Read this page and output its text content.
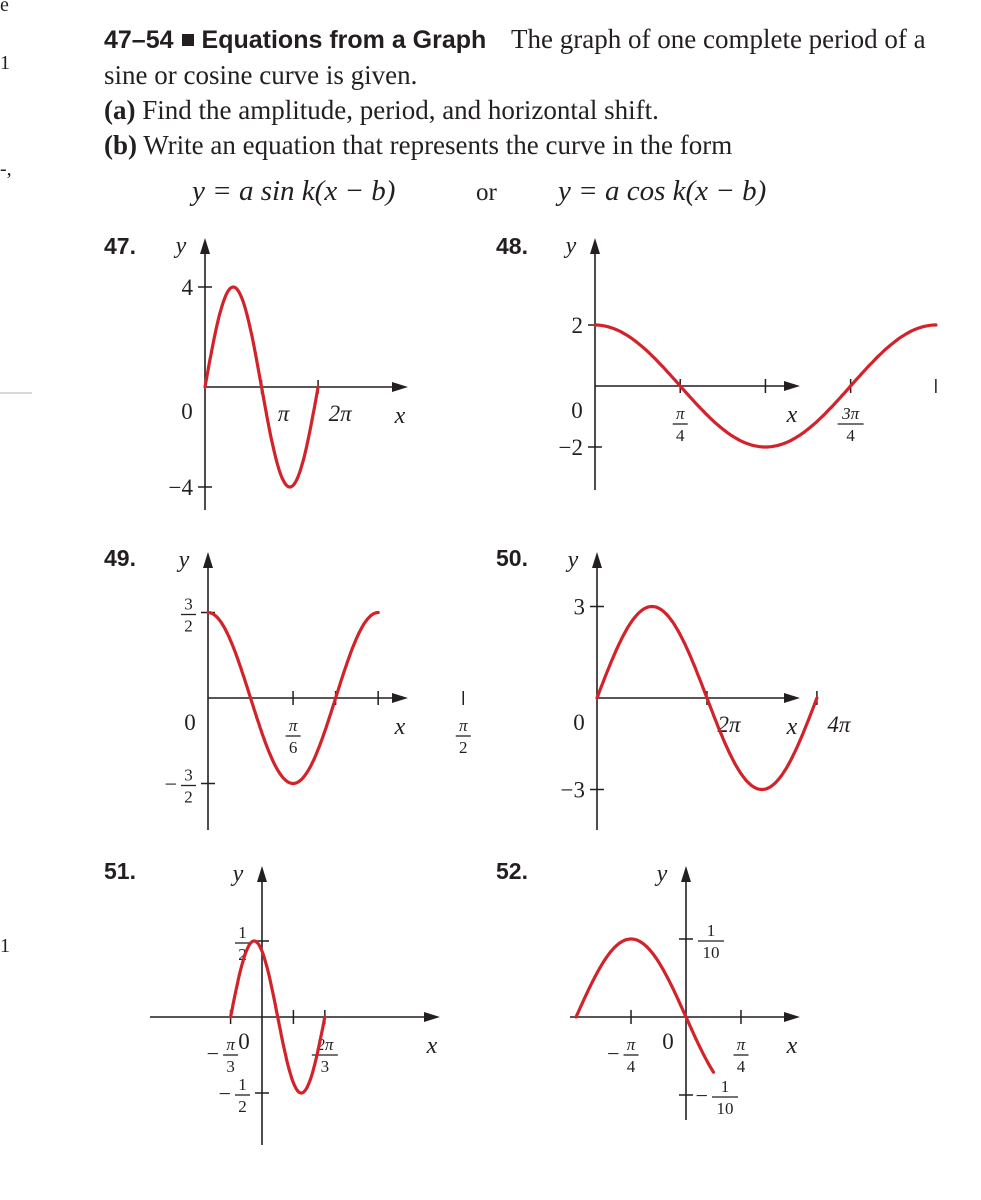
e
1
-,
1
47–54 Equations from a Graph The graph of one complete period of a sine or cosine curve is given.
(a) Find the amplitude, period, and horizontal shift.
(b) Write an equation that represents the curve in the form
y = a sin k(x − b)	or y = a cos k(x − b)
47.	48.
49.	50.
51.	52.
y
x
0
4
−4
π 2π
y
x
0
2
−2
π
4
3π
4
y
x
0
3
2
− 3
2
π
6
π
2
y
x
0
3
−3
2π	4π
y
x
0
1
2
− 1
2
− π
3
2π
3
y
x
0
1
10
− 1
10
− π
4
π
4
